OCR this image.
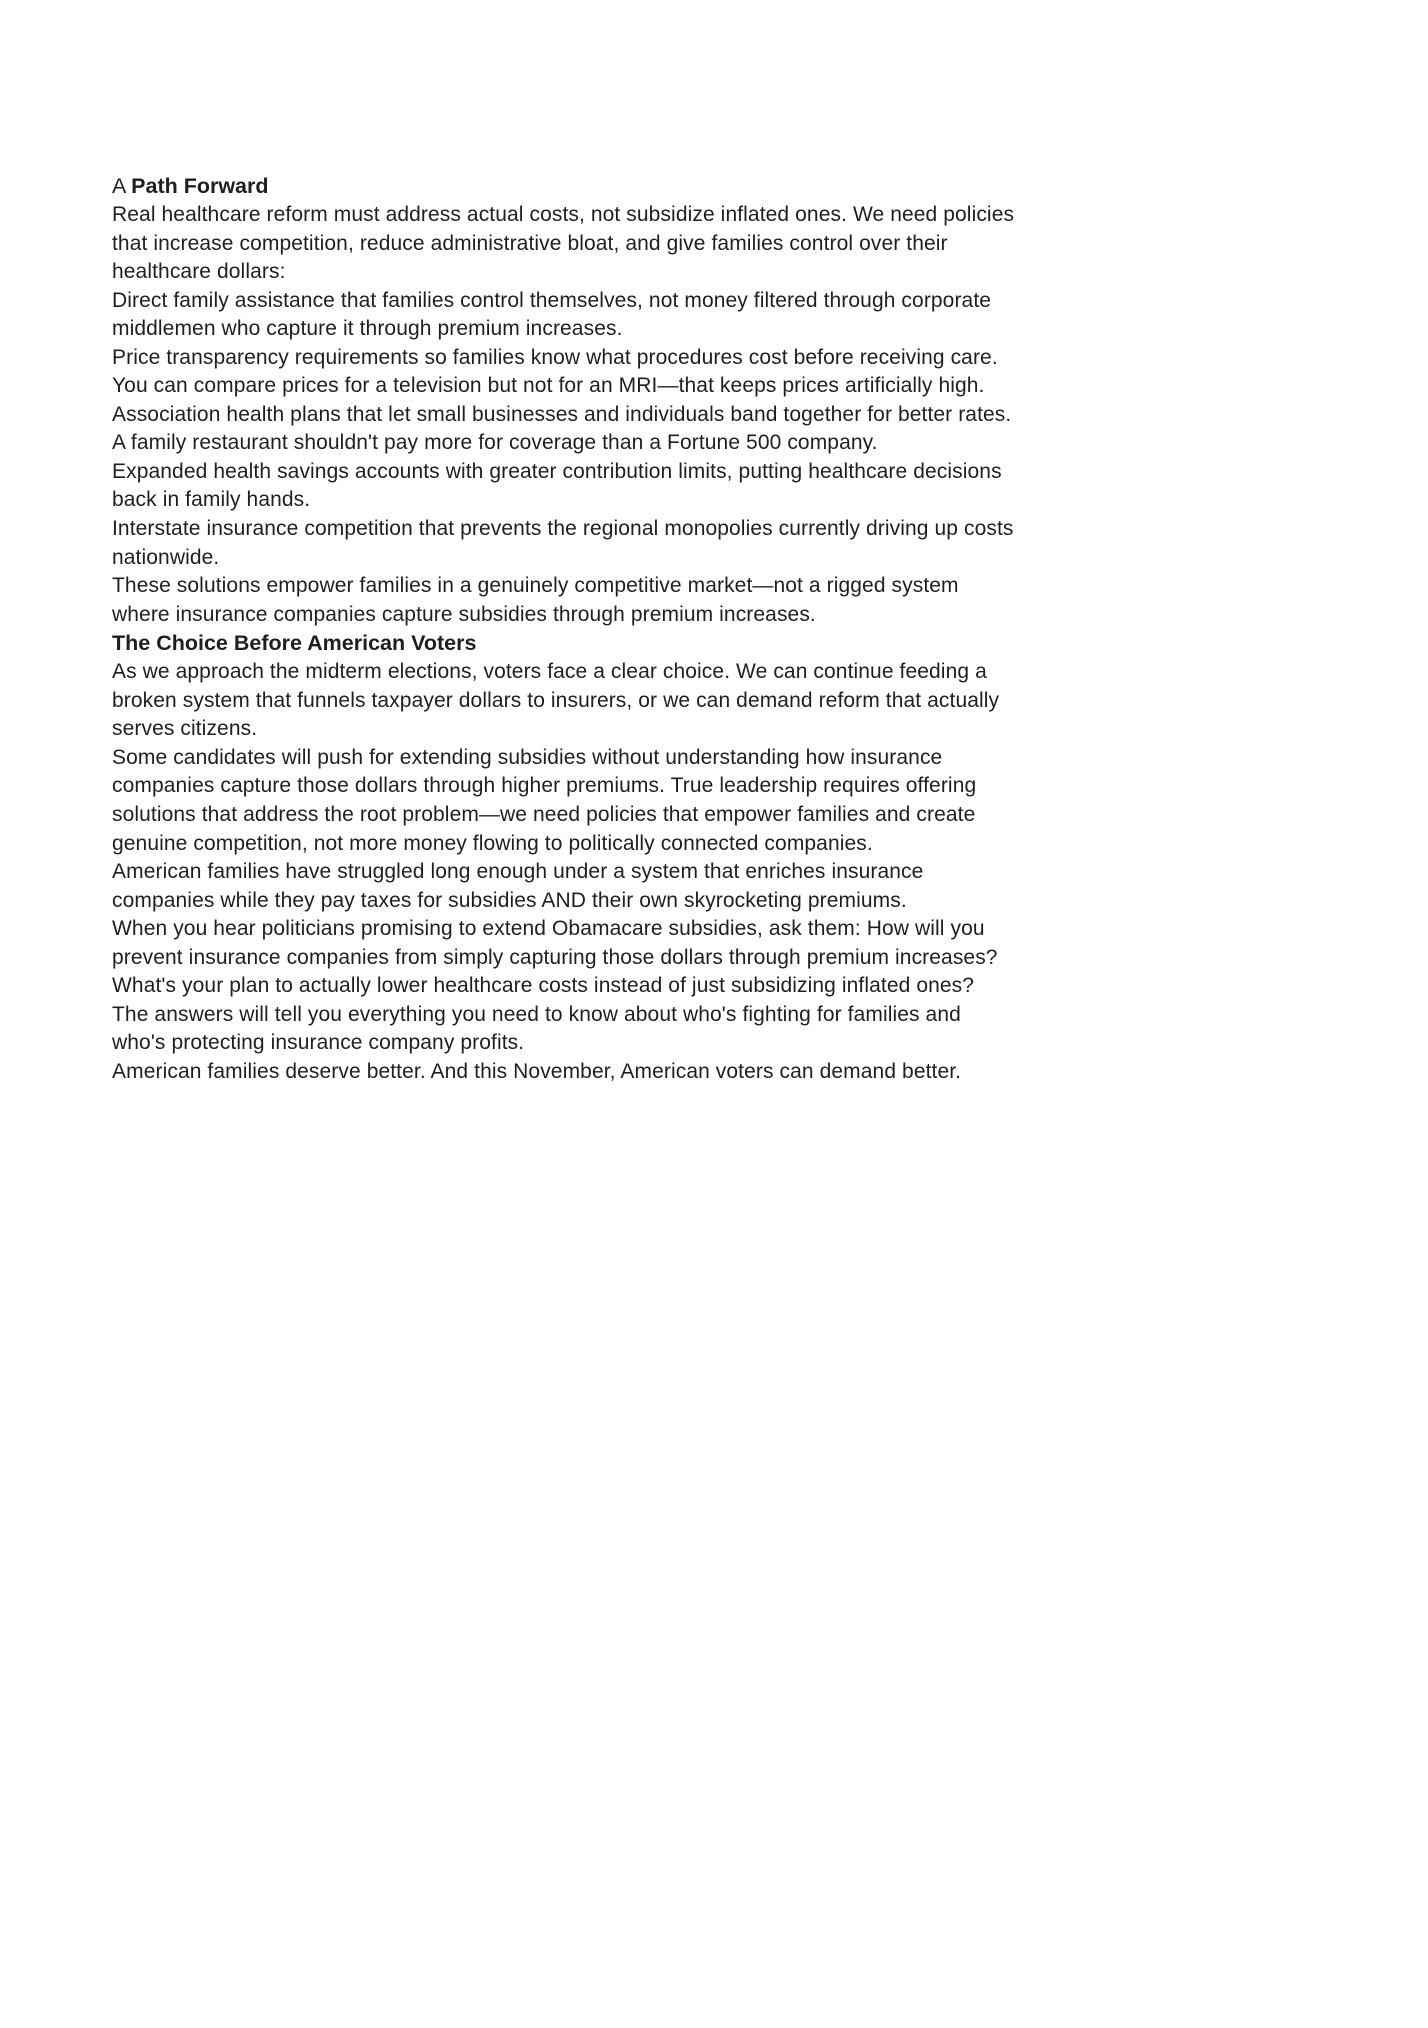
A Path Forward

Real healthcare reform must address actual costs, not subsidize inflated ones. We need policies that increase competition, reduce administrative bloat, and give families control over their healthcare dollars:

Direct family assistance that families control themselves, not money filtered through corporate middlemen who capture it through premium increases.

Price transparency requirements so families know what procedures cost before receiving care. You can compare prices for a television but not for an MRI—that keeps prices artificially high.

Association health plans that let small businesses and individuals band together for better rates. A family restaurant shouldn't pay more for coverage than a Fortune 500 company.

Expanded health savings accounts with greater contribution limits, putting healthcare decisions back in family hands.

Interstate insurance competition that prevents the regional monopolies currently driving up costs nationwide.

These solutions empower families in a genuinely competitive market—not a rigged system where insurance companies capture subsidies through premium increases.

The Choice Before American Voters

As we approach the midterm elections, voters face a clear choice. We can continue feeding a broken system that funnels taxpayer dollars to insurers, or we can demand reform that actually serves citizens.

Some candidates will push for extending subsidies without understanding how insurance companies capture those dollars through higher premiums. True leadership requires offering solutions that address the root problem—we need policies that empower families and create genuine competition, not more money flowing to politically connected companies.

American families have struggled long enough under a system that enriches insurance companies while they pay taxes for subsidies AND their own skyrocketing premiums.

When you hear politicians promising to extend Obamacare subsidies, ask them: How will you prevent insurance companies from simply capturing those dollars through premium increases? What's your plan to actually lower healthcare costs instead of just subsidizing inflated ones?

The answers will tell you everything you need to know about who's fighting for families and who's protecting insurance company profits.

American families deserve better. And this November, American voters can demand better.
